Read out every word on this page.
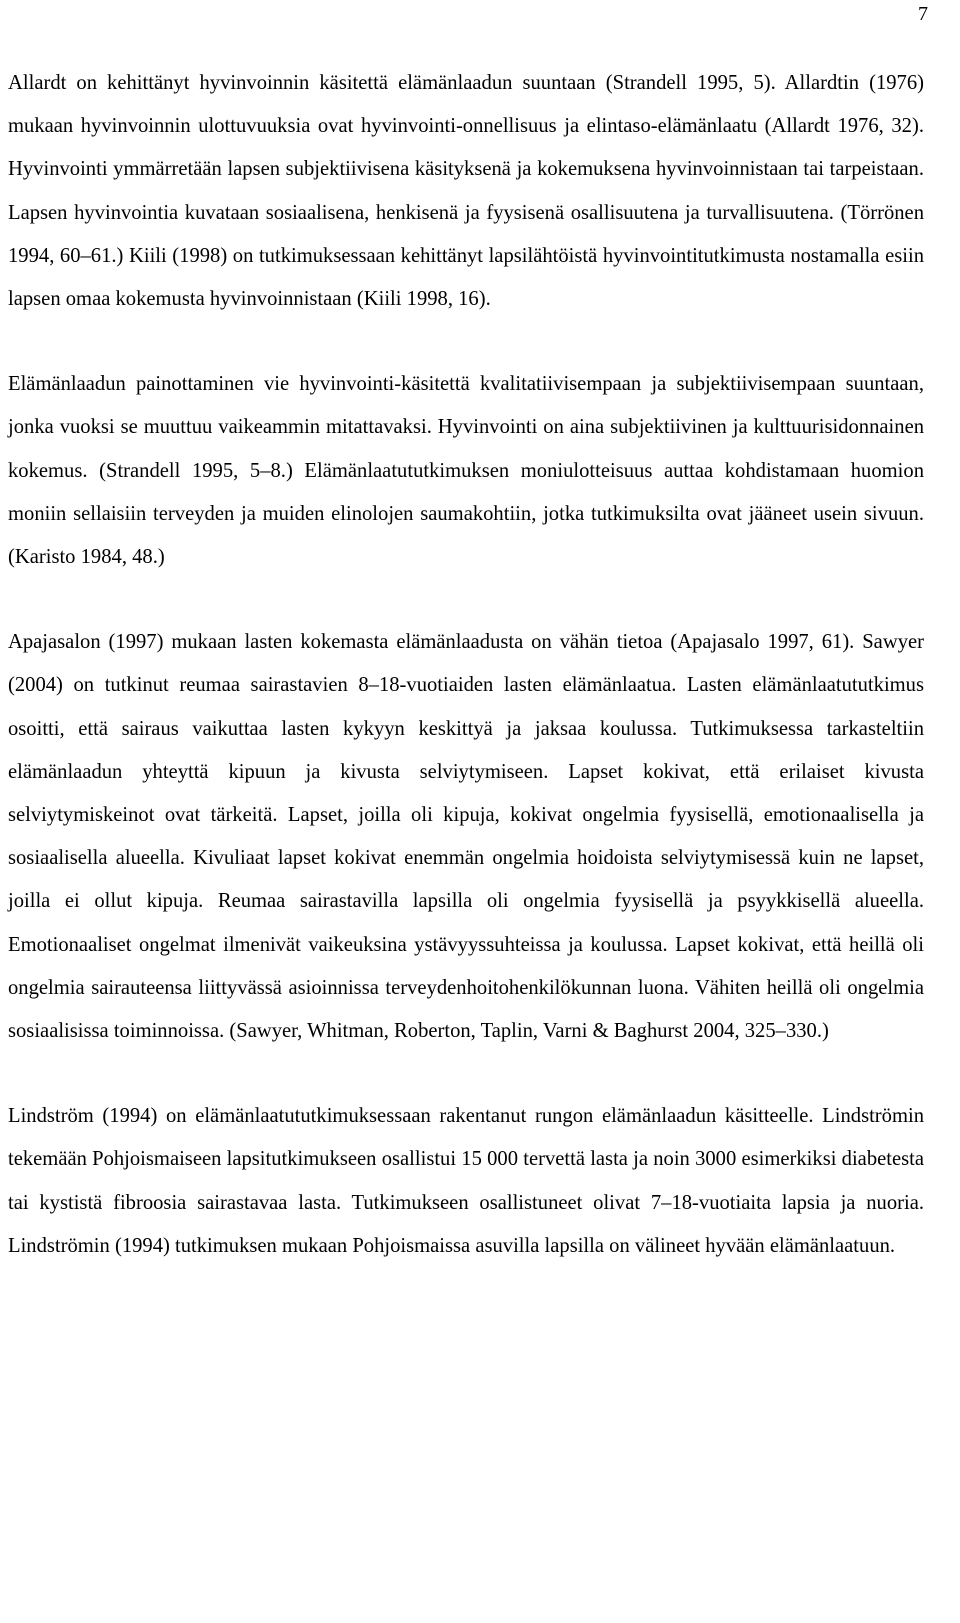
7

Allardt on kehittänyt hyvinvoinnin käsitettä elämänlaadun suuntaan (Strandell 1995, 5). Allardtin (1976) mukaan hyvinvoinnin ulottuvuuksia ovat hyvinvointi-onnellisuus ja elintaso-elämänlaatu (Allardt 1976, 32). Hyvinvointi ymmärretään lapsen subjektiivisena käsityksenä ja kokemuksena hyvinvoinnistaan tai tarpeistaan. Lapsen hyvinvointia kuvataan sosiaalisena, henkisenä ja fyysisenä osallisuutena ja turvallisuutena. (Törrönen 1994, 60–61.) Kiili (1998) on tutkimuksessaan kehittänyt lapsilähtöistä hyvinvointitutkimusta nostamalla esiin lapsen omaa kokemusta hyvinvoinnistaan (Kiili 1998, 16).

Elämänlaadun painottaminen vie hyvinvointi-käsitettä kvalitatiivisempaan ja subjektiivisempaan suuntaan, jonka vuoksi se muuttuu vaikeammin mitattavaksi. Hyvinvointi on aina subjektiivinen ja kulttuurisidonnainen kokemus. (Strandell 1995, 5–8.) Elämänlaatututkimuksen moniulotteisuus auttaa kohdistamaan huomion moniin sellaisiin terveyden ja muiden elinolojen saumakohtiin, jotka tutkimuksilta ovat jääneet usein sivuun. (Karisto 1984, 48.)

Apajasalon (1997) mukaan lasten kokemasta elämänlaadusta on vähän tietoa (Apajasalo 1997, 61). Sawyer (2004) on tutkinut reumaa sairastavien 8–18-vuotiaiden lasten elämänlaatua. Lasten elämänlaatututkimus osoitti, että sairaus vaikuttaa lasten kykyyn keskittyä ja jaksaa koulussa. Tutkimuksessa tarkasteltiin elämänlaadun yhteyttä kipuun ja kivusta selviytymiseen. Lapset kokivat, että erilaiset kivusta selviytymiskeinot ovat tärkeitä. Lapset, joilla oli kipuja, kokivat ongelmia fyysisellä, emotionaalisella ja sosiaalisella alueella. Kivuliaat lapset kokivat enemmän ongelmia hoidoista selviytymisessä kuin ne lapset, joilla ei ollut kipuja. Reumaa sairastavilla lapsilla oli ongelmia fyysisellä ja psyykkisellä alueella. Emotionaaliset ongelmat ilmenivät vaikeuksina ystävyyssuhteissa ja koulussa. Lapset kokivat, että heillä oli ongelmia sairauteensa liittyvässä asioinnissa terveydenhoitohenkilökunnan luona. Vähiten heillä oli ongelmia sosiaalisissa toiminnoissa. (Sawyer, Whitman, Roberton, Taplin, Varni & Baghurst 2004, 325–330.)

Lindström (1994) on elämänlaatututkimuksessaan rakentanut rungon elämänlaadun käsitteelle. Lindströmin tekemään Pohjoismaiseen lapsitutkimukseen osallistui 15 000 tervettä lasta ja noin 3000 esimerkiksi diabetesta tai kystistä fibroosia sairastavaa lasta. Tutkimukseen osallistuneet olivat 7–18-vuotiaita lapsia ja nuoria. Lindströmin (1994) tutkimuksen mukaan Pohjoismaissa asuvilla lapsilla on välineet hyvään elämänlaatuun.
